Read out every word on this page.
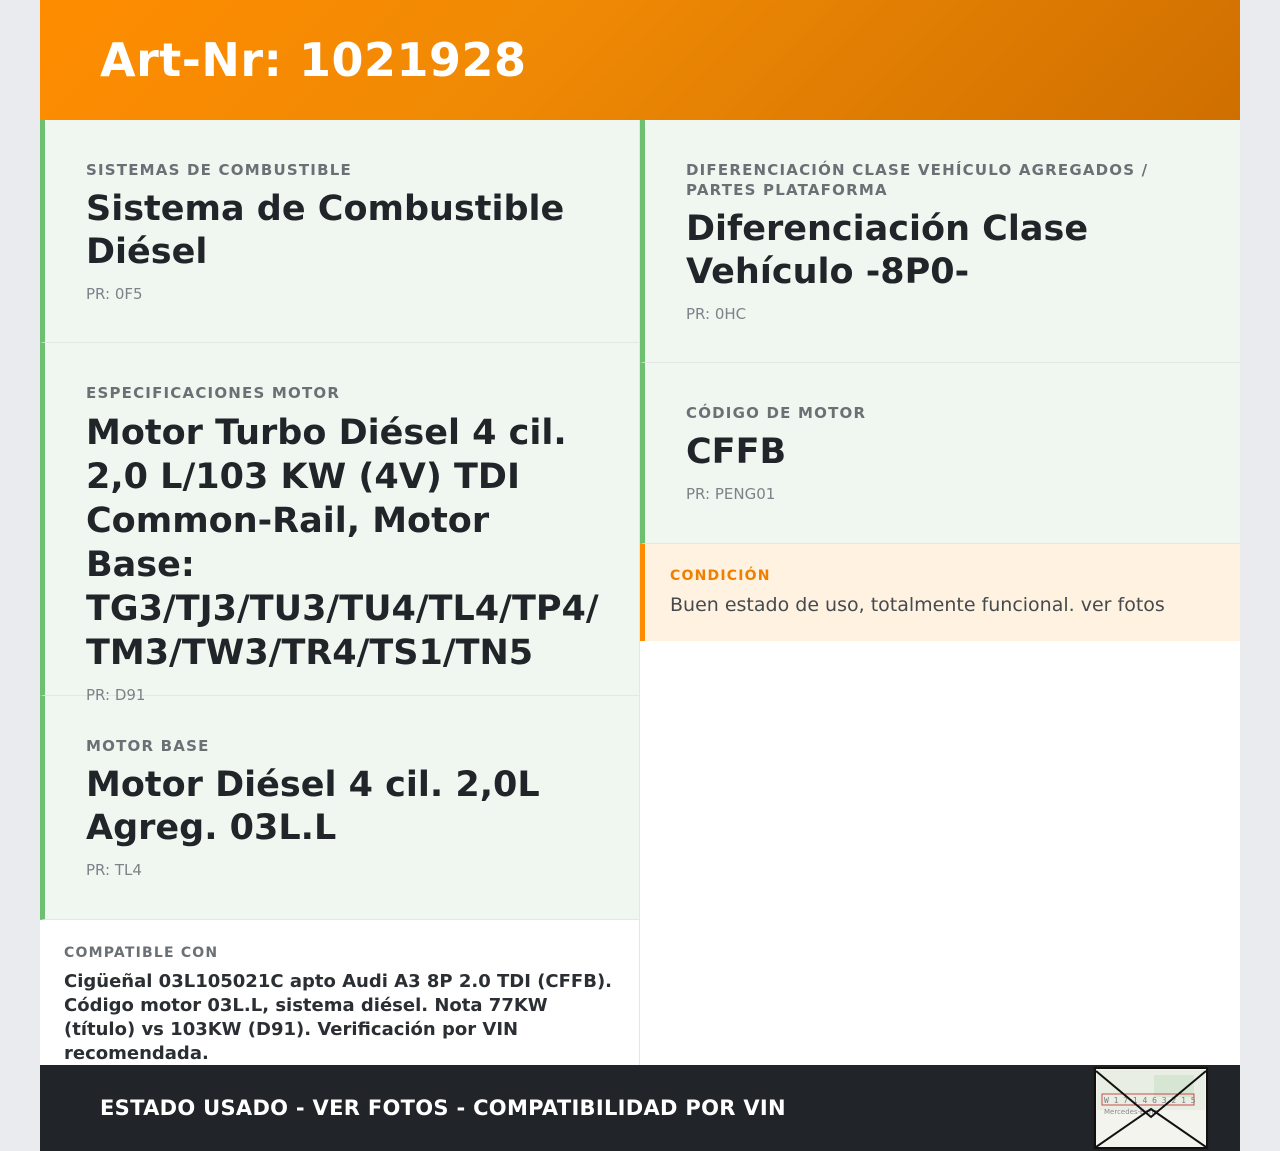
Art-Nr: 1021928
SISTEMAS DE COMBUSTIBLE
Sistema de Combustible Diésel
PR: 0F5
ESPECIFICACIONES MOTOR
Motor Turbo Diésel 4 cil. 2,0 L/103 KW (4V) TDI Common-Rail, Motor Base: TG3/TJ3/TU3/TU4/TL4/TP4/ TM3/TW3/TR4/TS1/TN5
PR: D91
MOTOR BASE
Motor Diésel 4 cil. 2,0L Agreg. 03L.L
PR: TL4
DIFERENCIACIÓN CLASE VEHÍCULO AGREGADOS / PARTES PLATAFORMA
Diferenciación Clase Vehículo -8P0-
PR: 0HC
CÓDIGO DE MOTOR
CFFB
PR: PENG01
CONDICIÓN
Buen estado de uso, totalmente funcional. ver fotos
COMPATIBLE CON
Cigüeñal 03L105021C apto Audi A3 8P 2.0 TDI (CFFB). Código motor 03L.L, sistema diésel. Nota 77KW (título) vs 103KW (D91). Verificación por VIN recomendada.
ESTADO USADO - VER FOTOS - COMPATIBILIDAD POR VIN	W 1 7 1 4 6 3 2 1 5
Mercedes-Benz
